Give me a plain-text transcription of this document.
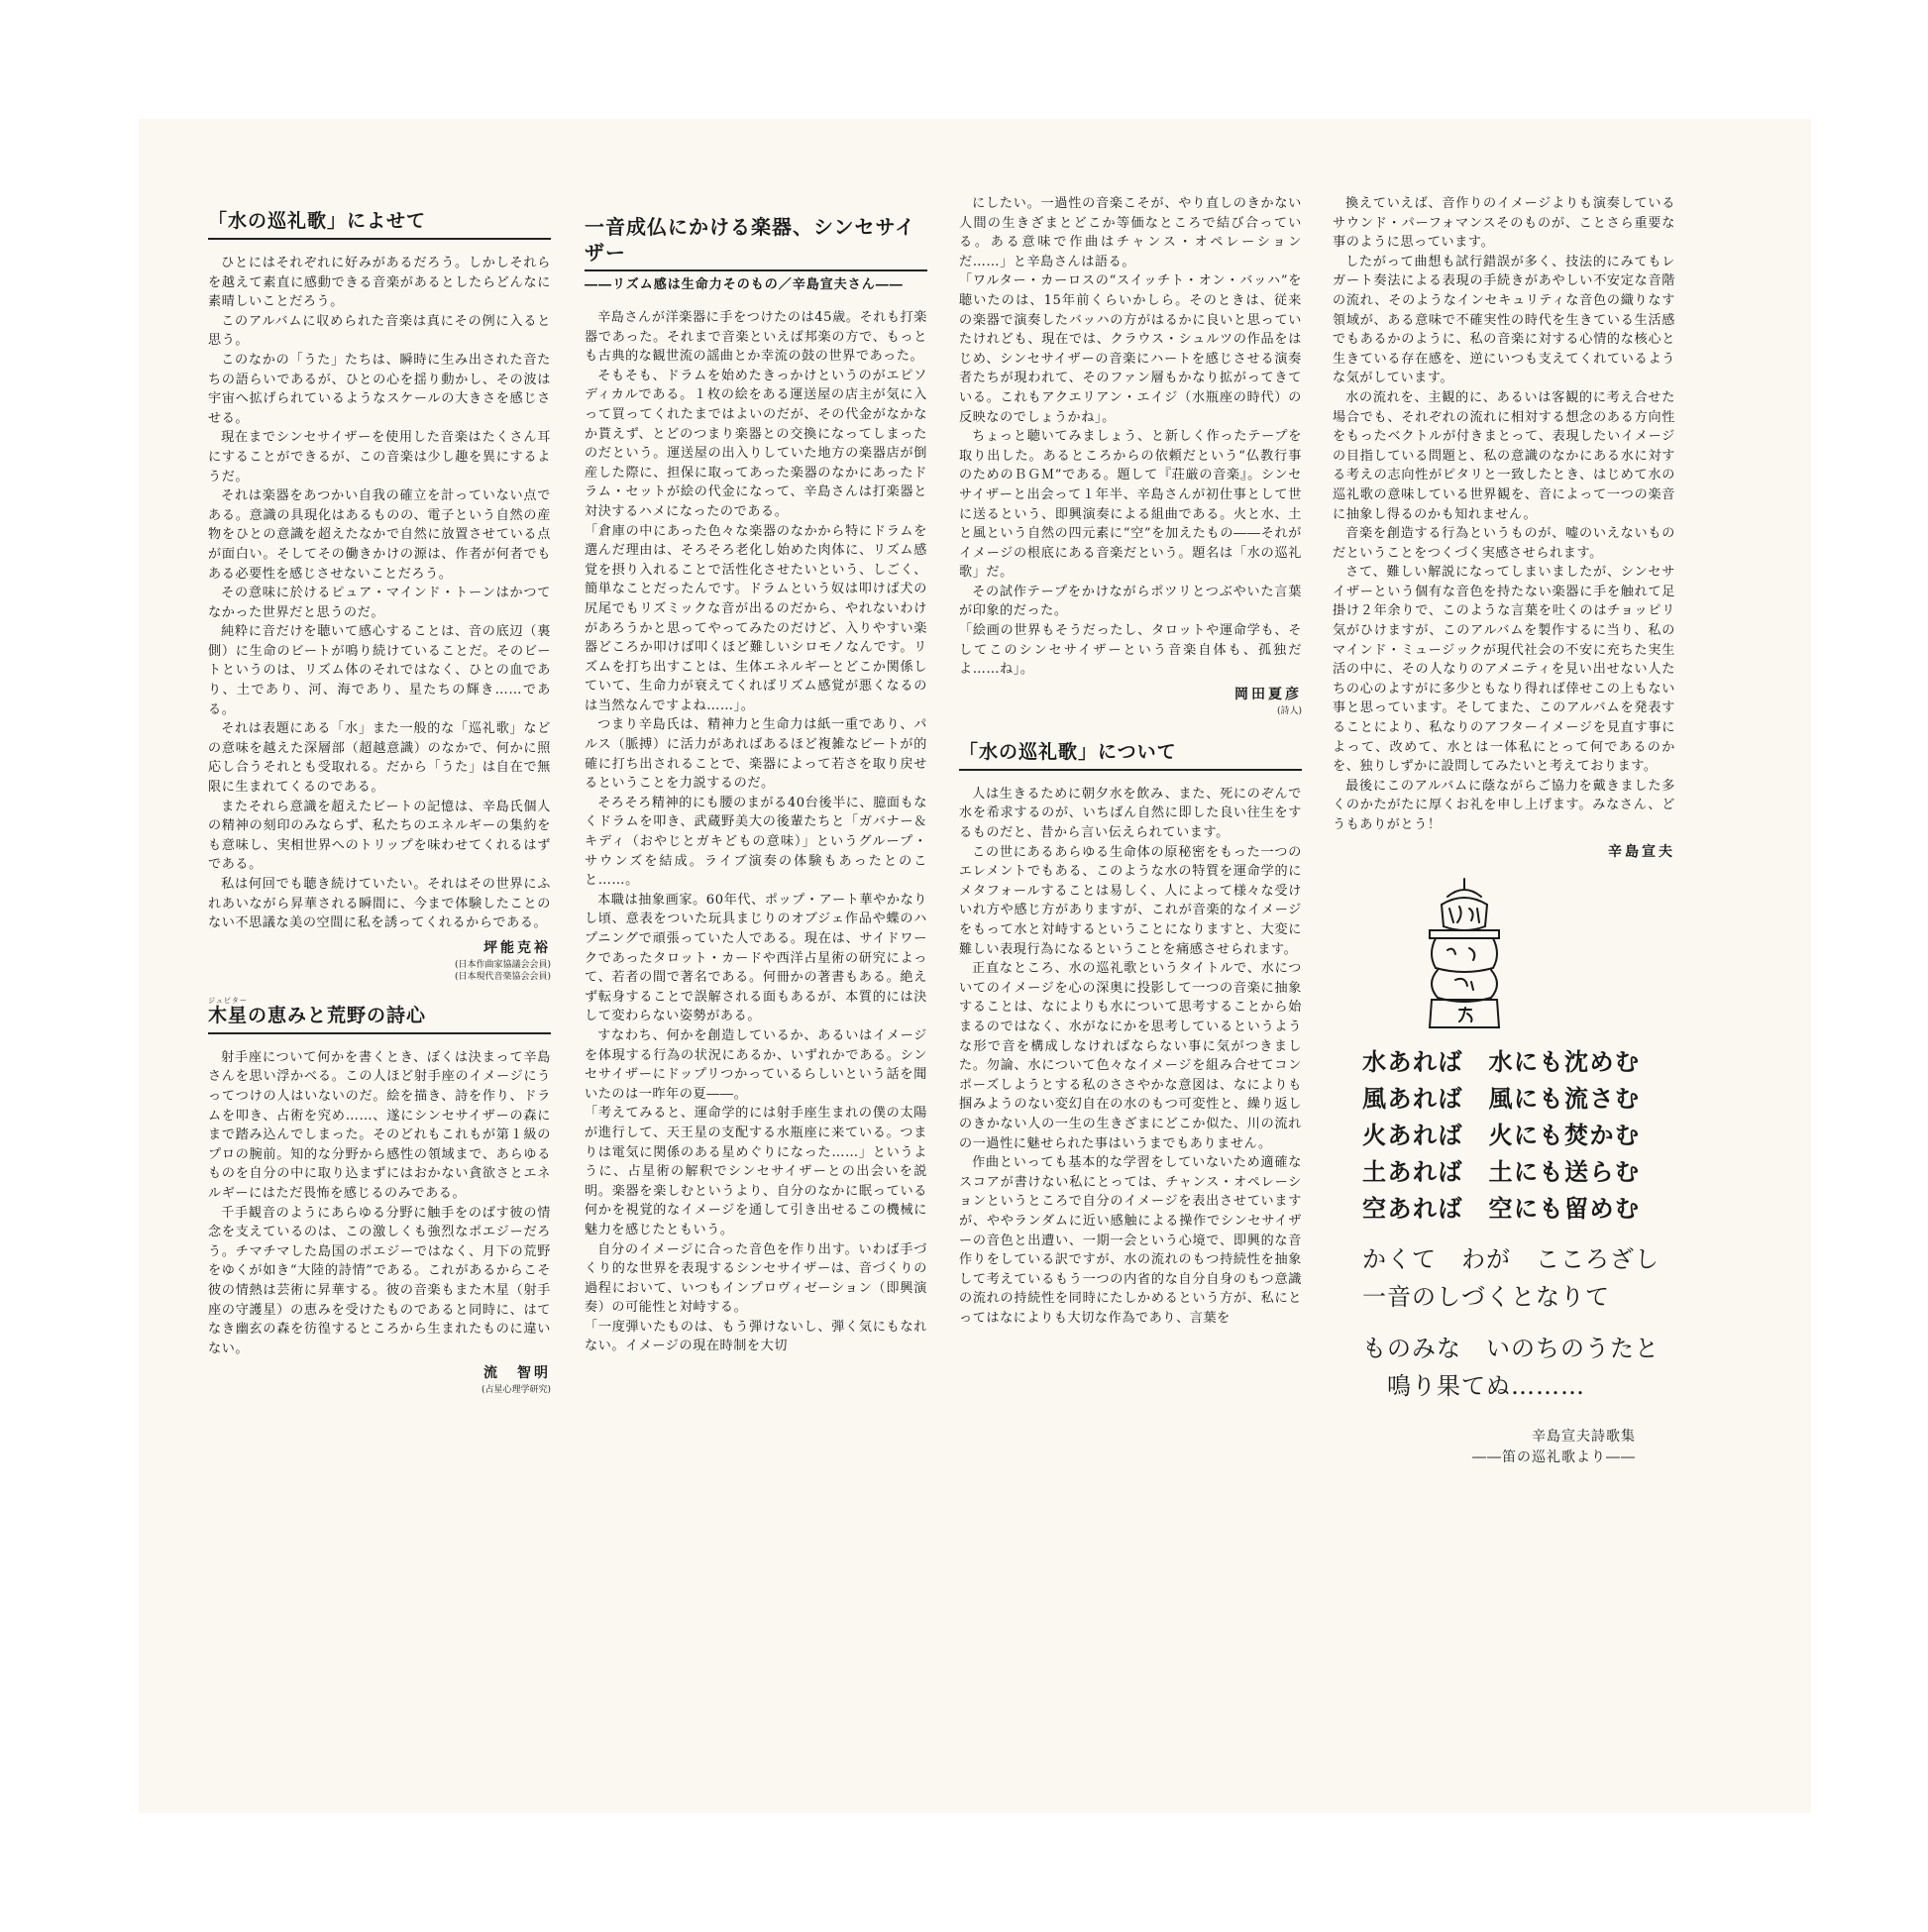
「水の巡礼歌」によせて

ひとにはそれぞれに好みがあるだろう。しかしそれらを越えて素直に感動できる音楽があるとしたらどんなに素晴しいことだろう。

このアルバムに収められた音楽は真にその例に入ると思う。

このなかの「うた」たちは、瞬時に生み出された音たちの語らいであるが、ひとの心を揺り動かし、その波は宇宙へ拡げられているようなスケールの大きさを感じさせる。

現在までシンセサイザーを使用した音楽はたくさん耳にすることができるが、この音楽は少し趣を異にするようだ。

それは楽器をあつかい自我の確立を計っていない点である。意識の具現化はあるものの、電子という自然の産物をひとの意識を超えたなかで自然に放置させている点が面白い。そしてその働きかけの源は、作者が何者でもある必要性を感じさせないことだろう。

その意味に於けるピュア・マインド・トーンはかつてなかった世界だと思うのだ。

純粋に音だけを聴いて感心することは、音の底辺（裏側）に生命のビートが鳴り続けていることだ。そのビートというのは、リズム体のそれではなく、ひとの血であり、土であり、河、海であり、星たちの輝き……である。

それは表題にある「水」また一般的な「巡礼歌」などの意味を越えた深層部（超越意識）のなかで、何かに照応し合うそれとも受取れる。だから「うた」は自在で無限に生まれてくるのである。

またそれら意識を超えたビートの記憶は、辛島氏個人の精神の刻印のみならず、私たちのエネルギーの集約をも意味し、実相世界へのトリップを味わせてくれるはずである。

私は何回でも聴き続けていたい。それはその世界にふれあいながら昇華される瞬間に、今まで体験したことのない不思議な美の空間に私を誘ってくれるからである。

坪能克裕
(日本作曲家協議会会員)
(日本現代音楽協会会員)
ジュピター
木星の恵みと荒野の詩心

射手座について何かを書くとき、ぼくは決まって辛島さんを思い浮かべる。この人ほど射手座のイメージにうってつけの人はいないのだ。絵を描き、詩を作り、ドラムを叩き、占術を究め……、遂にシンセサイザーの森にまで踏み込んでしまった。そのどれもこれもが第１級のプロの腕前。知的な分野から感性の領域まで、あらゆるものを自分の中に取り込まずにはおかない貪欲さとエネルギーにはただ畏怖を感じるのみである。

千手観音のようにあらゆる分野に触手をのばす彼の情念を支えているのは、この激しくも強烈なポエジーだろう。チマチマした島国のポエジーではなく、月下の荒野をゆくが如き“大陸的詩情”である。これがあるからこそ彼の情熱は芸術に昇華する。彼の音楽もまた木星（射手座の守護星）の恵みを受けたものであると同時に、はてなき幽玄の森を彷徨するところから生まれたものに違いない。

流　智明
(占星心理学研究)
一音成仏にかける楽器、シンセサイザー
――リズム感は生命力そのもの／辛島宣夫さん――

辛島さんが洋楽器に手をつけたのは45歳。それも打楽器であった。それまで音楽といえば邦楽の方で、もっとも古典的な観世流の謡曲とか幸流の鼓の世界であった。

そもそも、ドラムを始めたきっかけというのがエピソディカルである。１枚の絵をある運送屋の店主が気に入って買ってくれたまではよいのだが、その代金がなかなか貰えず、とどのつまり楽器との交換になってしまったのだという。運送屋の出入りしていた地方の楽器店が倒産した際に、担保に取ってあった楽器のなかにあったドラム・セットが絵の代金になって、辛島さんは打楽器と対決するハメになったのである。

「倉庫の中にあった色々な楽器のなかから特にドラムを選んだ理由は、そろそろ老化し始めた肉体に、リズム感覚を摂り入れることで活性化させたいという、しごく、簡単なことだったんです。ドラムという奴は叩けば犬の尻尾でもリズミックな音が出るのだから、やれないわけがあろうかと思ってやってみたのだけど、入りやすい楽器どころか叩けば叩くほど難しいシロモノなんです。リズムを打ち出すことは、生体エネルギーとどこか関係していて、生命力が衰えてくればリズム感覚が悪くなるのは当然なんですよね……」。

つまり辛島氏は、精神力と生命力は紙一重であり、パルス（脈搏）に活力があればあるほど複雑なビートが的確に打ち出されることで、楽器によって若さを取り戻せるということを力説するのだ。

そろそろ精神的にも腰のまがる40台後半に、臆面もなくドラムを叩き、武蔵野美大の後輩たちと「ガバナー＆キディ（おやじとガキどもの意味）」というグループ・サウンズを結成。ライブ演奏の体験もあったとのこと……。

本職は抽象画家。60年代、ポップ・アート華やかなりし頃、意表をついた玩具まじりのオブジェ作品や蝶のハプニングで頑張っていた人である。現在は、サイドワークであったタロット・カードや西洋占星術の研究によって、若者の間で著名である。何冊かの著書もある。絶えず転身することで誤解される面もあるが、本質的には決して変わらない姿勢がある。

すなわち、何かを創造しているか、あるいはイメージを体現する行為の状況にあるか、いずれかである。シンセサイザーにドップリつかっているらしいという話を聞いたのは一昨年の夏――。

「考えてみると、運命学的には射手座生まれの僕の太陽が進行して、天王星の支配する水瓶座に来ている。つまりは電気に関係のある星めぐりになった……」というように、占星術の解釈でシンセサイザーとの出会いを説明。楽器を楽しむというより、自分のなかに眠っている何かを視覚的なイメージを通して引き出せるこの機械に魅力を感じたともいう。

自分のイメージに合った音色を作り出す。いわば手づくり的な世界を表現するシンセサイザーは、音づくりの過程において、いつもインプロヴィゼーション（即興演奏）の可能性と対峙する。

「一度弾いたものは、もう弾けないし、弾く気にもなれない。イメージの現在時制を大切

にしたい。一過性の音楽こそが、やり直しのきかない人間の生きざまとどこか等価なところで結び合っている。ある意味で作曲はチャンス・オペレーションだ……」と辛島さんは語る。

「ワルター・カーロスの“スイッチト・オン・バッハ”を聴いたのは、15年前くらいかしら。そのときは、従来の楽器で演奏したバッハの方がはるかに良いと思っていたけれども、現在では、クラウス・シュルツの作品をはじめ、シンセサイザーの音楽にハートを感じさせる演奏者たちが現われて、そのファン層もかなり拡がってきている。これもアクエリアン・エイジ（水瓶座の時代）の反映なのでしょうかね」。

ちょっと聴いてみましょう、と新しく作ったテープを取り出した。あるところからの依頼だという“仏教行事のためのＢＧＭ”である。題して『荘厳の音楽』。シンセサイザーと出会って１年半、辛島さんが初仕事として世に送るという、即興演奏による組曲である。火と水、土と風という自然の四元素に“空”を加えたもの――それがイメージの根底にある音楽だという。題名は「水の巡礼歌」だ。

その試作テープをかけながらポツリとつぶやいた言葉が印象的だった。

「絵画の世界もそうだったし、タロットや運命学も、そしてこのシンセサイザーという音楽自体も、孤独だよ……ね」。

岡田夏彦
(詩人)
「水の巡礼歌」について

人は生きるために朝夕水を飲み、また、死にのぞんで水を希求するのが、いちばん自然に即した良い往生をするものだと、昔から言い伝えられています。

この世にあるあらゆる生命体の原秘密をもった一つのエレメントでもある、このような水の特質を運命学的にメタフォールすることは易しく、人によって様々な受けいれ方や感じ方がありますが、これが音楽的なイメージをもって水と対峙するということになりますと、大変に難しい表現行為になるということを痛感させられます。

正直なところ、水の巡礼歌というタイトルで、水についてのイメージを心の深奥に投影して一つの音楽に抽象することは、なによりも水について思考することから始まるのではなく、水がなにかを思考しているというような形で音を構成しなければならない事に気がつきました。勿論、水について色々なイメージを組み合せてコンポーズしようとする私のささやかな意図は、なによりも掴みようのない変幻自在の水のもつ可変性と、繰り返しのきかない人の一生の生きざまにどこか似た、川の流れの一過性に魅せられた事はいうまでもありません。

作曲といっても基本的な学習をしていないため適確なスコアが書けない私にとっては、チャンス・オペレーションというところで自分のイメージを表出させていますが、ややランダムに近い感触による操作でシンセサイザーの音色と出遭い、一期一会という心境で、即興的な音作りをしている訳ですが、水の流れのもつ持続性を抽象して考えているもう一つの内省的な自分自身のもつ意識の流れの持続性を同時にたしかめるという方が、私にとってはなによりも大切な作為であり、言葉を

換えていえば、音作りのイメージよりも演奏しているサウンド・パーフォマンスそのものが、ことさら重要な事のように思っています。

したがって曲想も試行錯誤が多く、技法的にみてもレガート奏法による表現の手続きがあやしい不安定な音階の流れ、そのようなインセキュリティな音色の織りなす領域が、ある意味で不確実性の時代を生きている生活感でもあるかのように、私の音楽に対する心情的な核心と生きている存在感を、逆にいつも支えてくれているような気がしています。

水の流れを、主観的に、あるいは客観的に考え合せた場合でも、それぞれの流れに相対する想念のある方向性をもったベクトルが付きまとって、表現したいイメージの目指している問題と、私の意識のなかにある水に対する考えの志向性がピタリと一致したとき、はじめて水の巡礼歌の意味している世界観を、音によって一つの楽音に抽象し得るのかも知れません。

音楽を創造する行為というものが、嘘のいえないものだということをつくづく実感させられます。

さて、難しい解説になってしまいましたが、シンセサイザーという個有な音色を持たない楽器に手を触れて足掛け２年余りで、このような言葉を吐くのはチョッピリ気がひけますが、このアルバムを製作するに当り、私のマインド・ミュージックが現代社会の不安に充ちた実生活の中に、その人なりのアメニティを見い出せない人たちの心のよすがに多少ともなり得れば倖せこの上もない事と思っています。そしてまた、このアルバムを発表することにより、私なりのアフターイメージを見直す事によって、改めて、水とは一体私にとって何であるのかを、独りしずかに設問してみたいと考えております。

最後にこのアルバムに蔭ながらご協力を戴きました多くのかたがたに厚くお礼を申し上げます。みなさん、どうもありがとう！

辛島宣夫
水あれば　水にも沈めむ
風あれば　風にも流さむ
火あれば　火にも焚かむ
土あれば　土にも送らむ
空あれば　空にも留めむ
かくて　わが　こころざし
一音のしづくとなりて
ものみな　いのちのうたと
　鳴り果てぬ………
辛島宣夫詩歌集
――笛の巡礼歌より――
